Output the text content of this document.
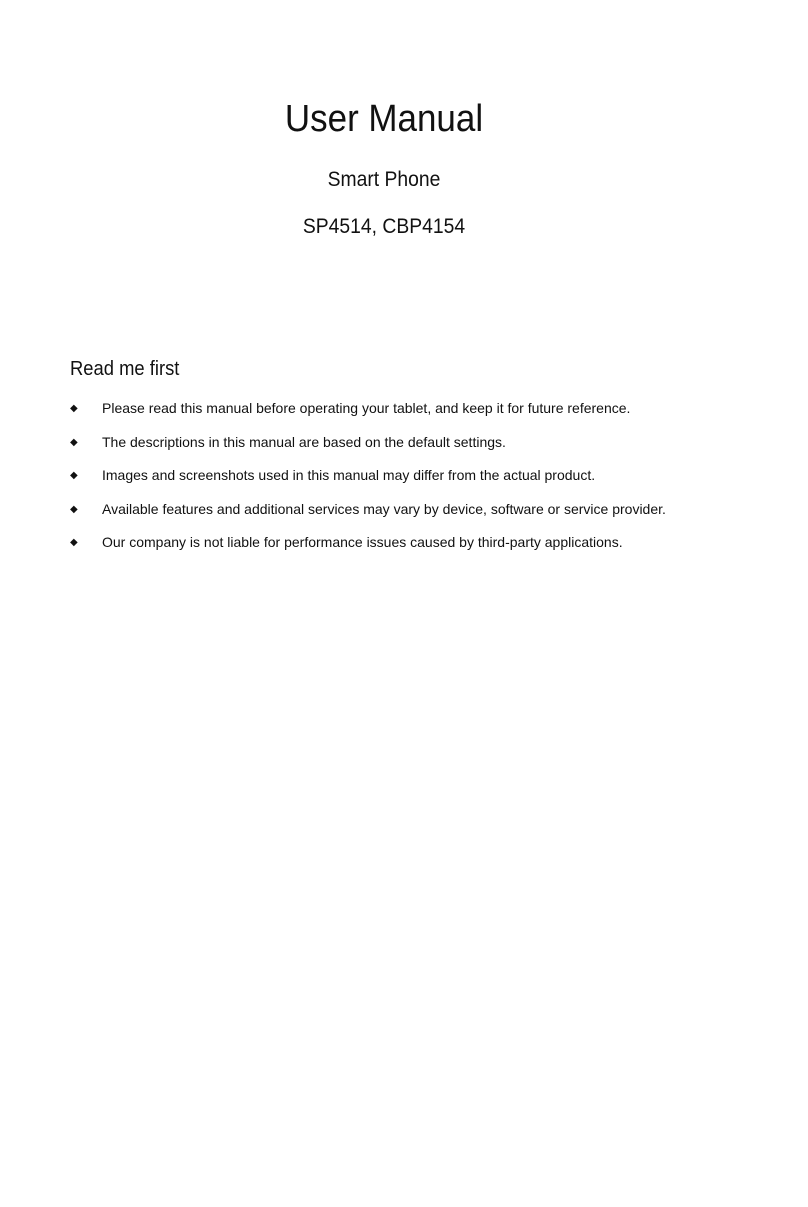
User Manual
Smart Phone
SP4514, CBP4154
Read me first
◆ Please read this manual before operating your tablet, and keep it for future reference.
◆ The descriptions in this manual are based on the default settings.
◆ Images and screenshots used in this manual may differ from the actual product.
◆ Available features and additional services may vary by device, software or service provider.
◆ Our company is not liable for performance issues caused by third-party applications.
